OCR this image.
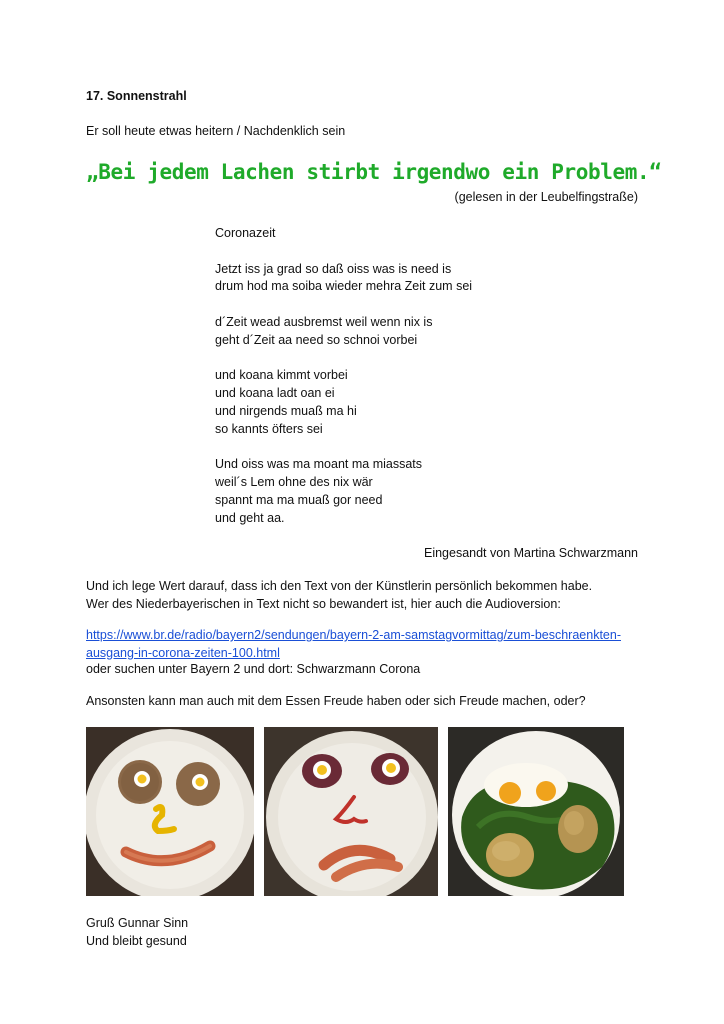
17. Sonnenstrahl
Er soll heute etwas heitern / Nachdenklich sein
„Bei jedem Lachen stirbt irgendwo ein Problem.“
(gelesen in der Leubelfingstraße)
Coronazeit
Jetzt iss ja grad so daß oiss was is need is
drum hod ma soiba wieder mehra Zeit zum sei
d´Zeit wead ausbremst weil wenn nix is
geht d´Zeit aa need so schnoi vorbei
und koana kimmt vorbei
und koana ladt oan ei
und nirgends muaß ma hi
so kannts öfters sei
Und oiss was ma moant ma miassats
weil´s Lem ohne des nix wär
spannt ma ma muaß gor need
und geht aa.
Eingesandt von Martina Schwarzmann
Und ich lege Wert darauf, dass ich den Text von der Künstlerin persönlich bekommen habe.
Wer des Niederbayerischen in Text nicht so bewandert ist, hier auch die Audioversion:
https://www.br.de/radio/bayern2/sendungen/bayern-2-am-samstagvormittag/zum-beschraenkten-
ausgang-in-corona-zeiten-100.html
oder suchen unter Bayern 2 und dort: Schwarzmann Corona
Ansonsten kann man auch mit dem Essen Freude haben oder sich Freude machen, oder?
Gruß Gunnar Sinn
Und bleibt gesund
